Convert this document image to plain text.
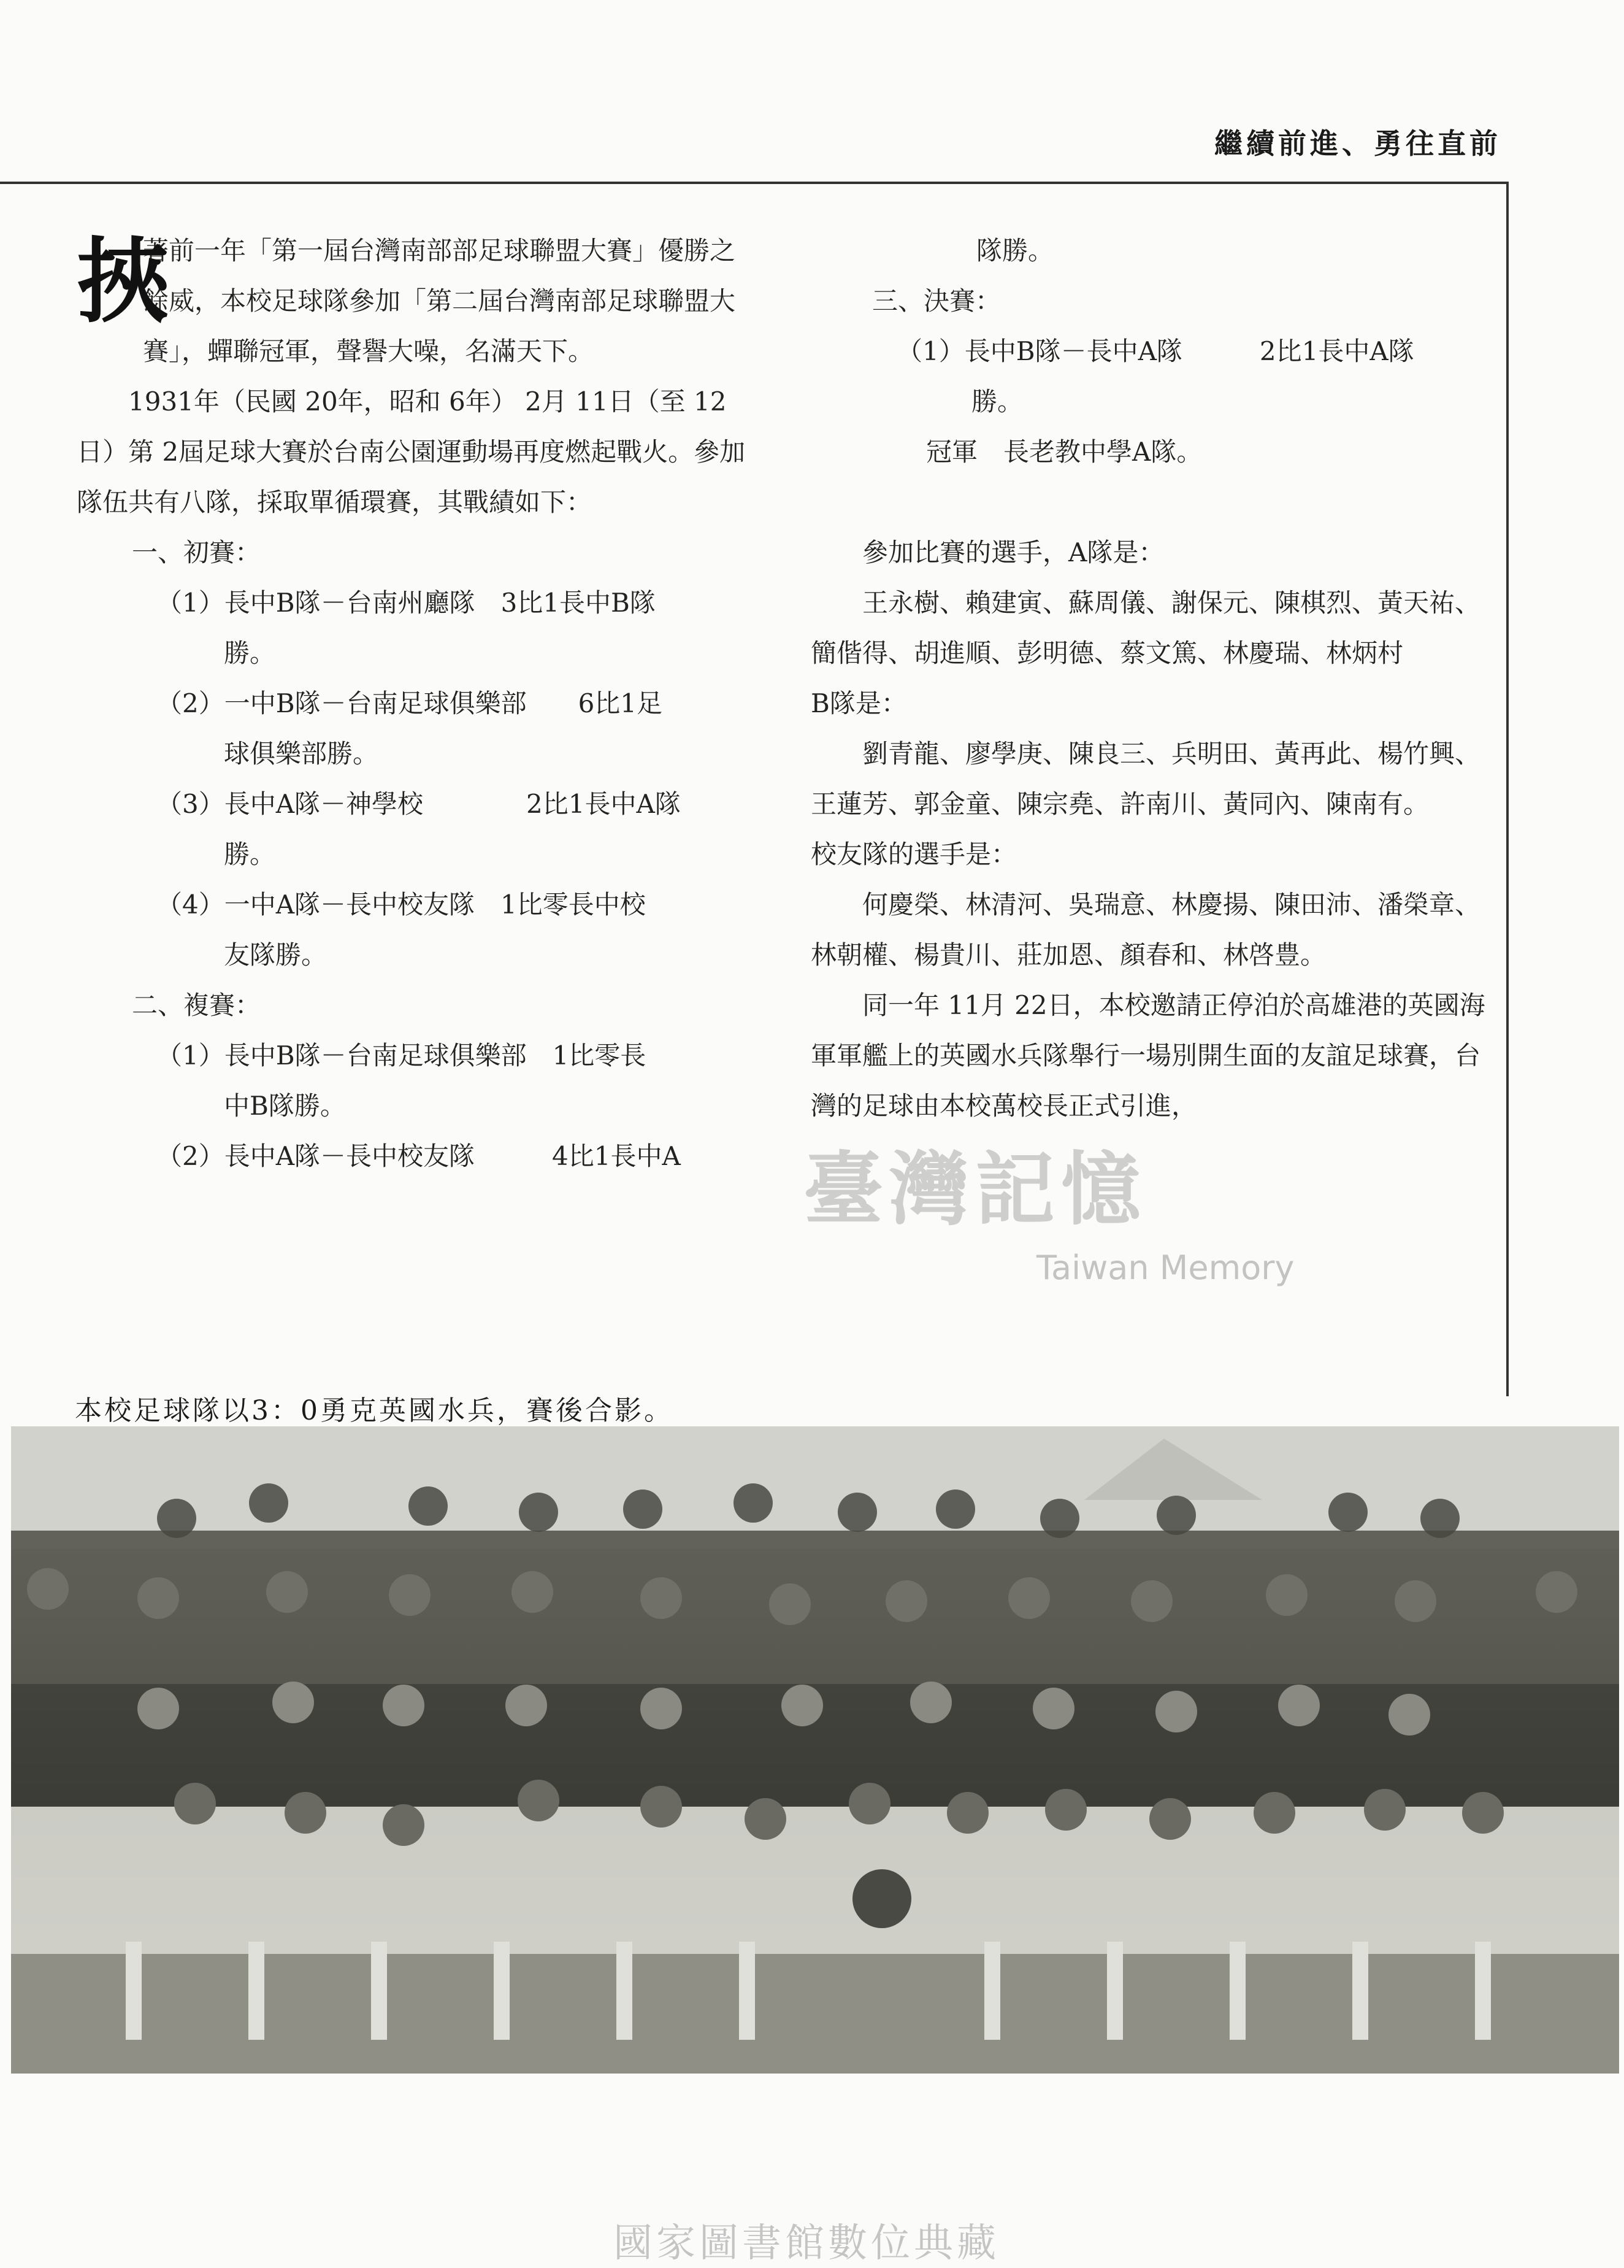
繼續前進、勇往直前

挾
著前一年「第一屆台灣南部部足球聯盟大賽」優勝之餘威，本校足球隊參加「第二屆台灣南部足球聯盟大賽」，蟬聯冠軍，聲譽大噪，名滿天下。

1931年（民國 20年，昭和 6年） 2月 11日（至 12日）第 2屆足球大賽於台南公園運動場再度燃起戰火。參加隊伍共有八隊，採取單循環賽，其戰績如下：

一、初賽：

（1）長中B隊－台南州廳隊　3比1長中B隊

勝。

（2）一中B隊－台南足球俱樂部　　6比1足

球俱樂部勝。

（3）長中A隊－神學校　　　　2比1長中A隊

勝。

（4）一中A隊－長中校友隊　1比零長中校

友隊勝。

二、複賽：

（1）長中B隊－台南足球俱樂部　1比零長

中B隊勝。

（2）長中A隊－長中校友隊　　　4比1長中A

隊勝。

三、決賽：

（1）長中B隊－長中A隊　　　2比1長中A隊

勝。

冠軍　長老教中學A隊。

參加比賽的選手，A隊是：

王永樹、賴建寅、蘇周儀、謝保元、陳棋烈、黃天祐、簡偕得、胡進順、彭明德、蔡文篤、林慶瑞、林炳村

B隊是：

劉青龍、廖學庚、陳良三、兵明田、黃再此、楊竹興、王蓮芳、郭金童、陳宗堯、許南川、黃同內、陳南有。

校友隊的選手是：

何慶榮、林清河、吳瑞意、林慶揚、陳田沛、潘榮章、林朝權、楊貴川、莊加恩、顏春和、林啓豊。

同一年 11月 22日，本校邀請正停泊於高雄港的英國海軍軍艦上的英國水兵隊舉行一場別開生面的友誼足球賽，台灣的足球由本校萬校長正式引進，

臺灣記憶
Taiwan Memory
本校足球隊以3：0勇克英國水兵，賽後合影。
國家圖書館數位典藏
